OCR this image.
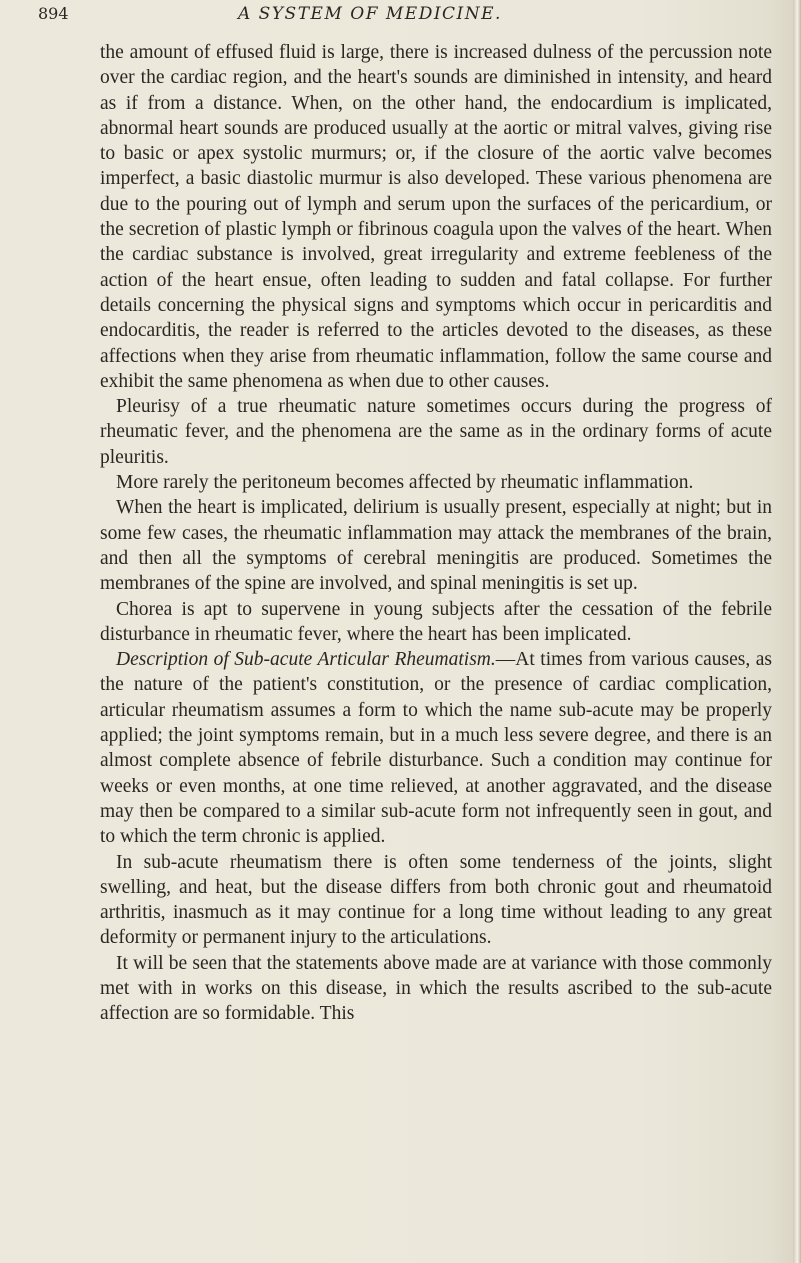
894	A SYSTEM OF MEDICINE.

the amount of effused fluid is large, there is increased dulness of the percussion note over the cardiac region, and the heart's sounds are diminished in intensity, and heard as if from a distance. When, on the other hand, the endocardium is implicated, abnormal heart sounds are produced usually at the aortic or mitral valves, giving rise to basic or apex systolic murmurs; or, if the closure of the aortic valve becomes imperfect, a basic diastolic murmur is also developed. These various phenomena are due to the pouring out of lymph and serum upon the surfaces of the pericardium, or the secretion of plastic lymph or fibrinous coagula upon the valves of the heart. When the cardiac substance is involved, great irregularity and extreme feebleness of the action of the heart ensue, often leading to sudden and fatal collapse. For further details concerning the physical signs and symptoms which occur in pericarditis and endocarditis, the reader is referred to the articles devoted to the diseases, as these affections when they arise from rheumatic inflammation, follow the same course and exhibit the same phenomena as when due to other causes.

Pleurisy of a true rheumatic nature sometimes occurs during the progress of rheumatic fever, and the phenomena are the same as in the ordinary forms of acute pleuritis.

More rarely the peritoneum becomes affected by rheumatic inflammation.

When the heart is implicated, delirium is usually present, especially at night; but in some few cases, the rheumatic inflammation may attack the membranes of the brain, and then all the symptoms of cerebral meningitis are produced. Sometimes the membranes of the spine are involved, and spinal meningitis is set up.

Chorea is apt to supervene in young subjects after the cessation of the febrile disturbance in rheumatic fever, where the heart has been implicated.

Description of Sub-acute Articular Rheumatism.—At times from various causes, as the nature of the patient's constitution, or the presence of cardiac complication, articular rheumatism assumes a form to which the name sub-acute may be properly applied; the joint symptoms remain, but in a much less severe degree, and there is an almost complete absence of febrile disturbance. Such a condition may continue for weeks or even months, at one time relieved, at another aggravated, and the disease may then be compared to a similar sub-acute form not infrequently seen in gout, and to which the term chronic is applied.

In sub-acute rheumatism there is often some tenderness of the joints, slight swelling, and heat, but the disease differs from both chronic gout and rheumatoid arthritis, inasmuch as it may continue for a long time without leading to any great deformity or permanent injury to the articulations.

It will be seen that the statements above made are at variance with those commonly met with in works on this disease, in which the results ascribed to the sub-acute affection are so formidable. This
